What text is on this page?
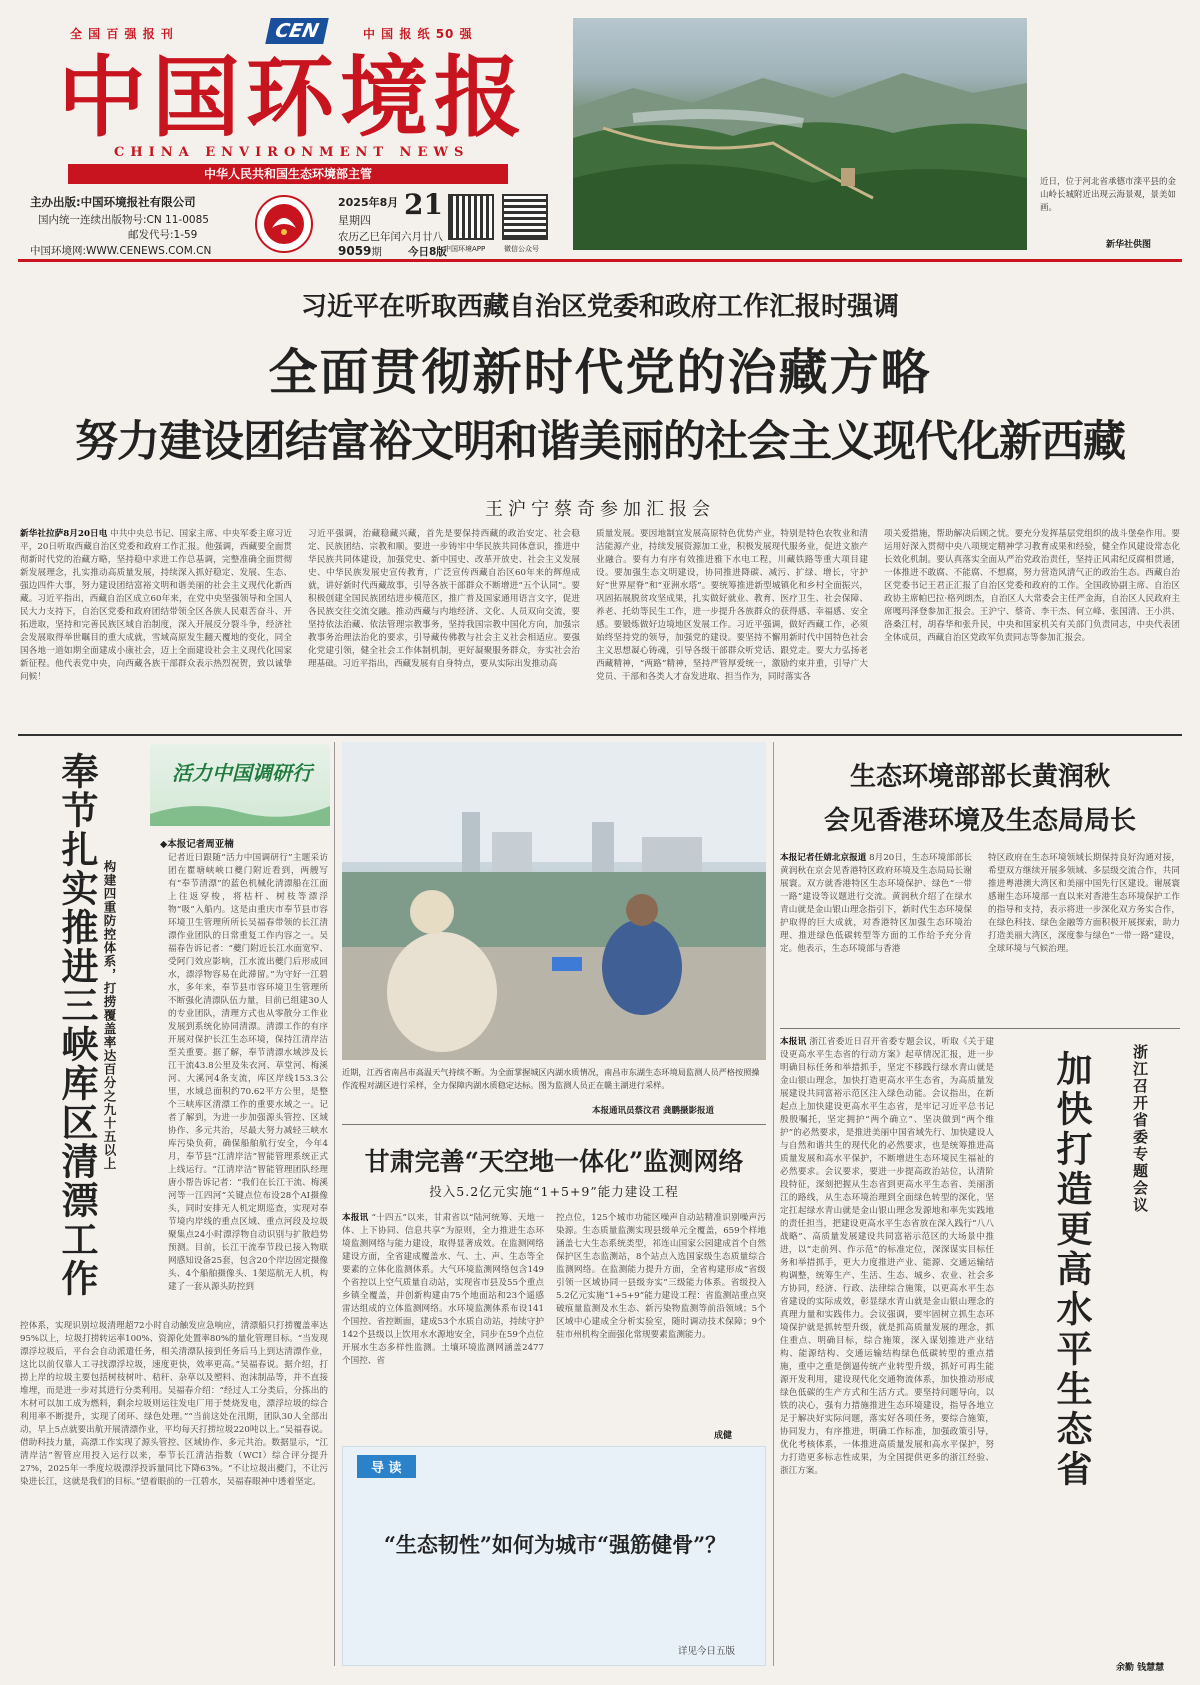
全 国 百 强 报 刊	CEN	中 国 报 纸 50 强
中国环境报
CHINA ENVIRONMENT NEWS
中华人民共和国生态环境部主管
主办出版:中国环境报社有限公司
国内统一连续出版物号:CN 11-0085
邮发代号:1-59
中国环境网:WWW.CENEWS.COM.CN
2025年8月
星期四 21
农历乙巳年闰六月廿八
9059期 今日8版
中国环境APP	微信公众号
近日，位于河北省承德市滦平县的金山岭长城附近出现云海景观，景美如画。
新华社供图
习近平在听取西藏自治区党委和政府工作汇报时强调
全面贯彻新时代党的治藏方略
努力建设团结富裕文明和谐美丽的社会主义现代化新西藏
王沪宁蔡奇参加汇报会
新华社拉萨8月20日电 中共中央总书记、国家主席、中央军委主席习近平，20日听取西藏自治区党委和政府工作汇报。他强调，西藏要全面贯彻新时代党的治藏方略，坚持稳中求进工作总基调，完整准确全面贯彻新发展理念，扎实推动高质量发展，持续深入抓好稳定、发展、生态、强边四件大事，努力建设团结富裕文明和谐美丽的社会主义现代化新西藏。习近平指出，西藏自治区成立60年来，在党中央坚强领导和全国人民大力支持下，自治区党委和政府团结带领全区各族人民艰苦奋斗、开拓进取，坚持和完善民族区域自治制度，深入开展反分裂斗争，经济社会发展取得举世瞩目的重大成就，雪域高原发生翻天覆地的变化，同全国各地一道如期全面建成小康社会，迈上全面建设社会主义现代化国家新征程。他代表党中央，向西藏各族干部群众表示热烈祝贺，致以诚挚问候！
习近平强调，治藏稳藏兴藏，首先是要保持西藏的政治安定、社会稳定、民族团结、宗教和顺。要进一步铸牢中华民族共同体意识，推进中华民族共同体建设，加强党史、新中国史、改革开放史、社会主义发展史、中华民族发展史宣传教育，广泛宣传西藏自治区60年来的辉煌成就，讲好新时代西藏故事，引导各族干部群众不断增进“五个认同”。要积极创建全国民族团结进步模范区，推广普及国家通用语言文字，促进各民族交往交流交融。推动西藏与内地经济、文化、人员双向交流，要坚持依法治藏、依法管理宗教事务，坚持我国宗教中国化方向，加强宗教事务治理法治化的要求，引导藏传佛教与社会主义社会相适应。要强化党建引领，健全社会工作体制机制，更好凝聚服务群众，夯实社会治理基础。习近平指出，西藏发展有自身特点，要从实际出发推动高
质量发展。要因地制宜发展高原特色优势产业，特别是特色农牧业和清洁能源产业，持续发展资源加工业，积极发展现代服务业，促进文旅产业融合。要有力有序有效推进雅下水电工程，川藏铁路等重大项目建设。要加强生态文明建设，协同推进降碳、减污、扩绿、增长，守护好“世界屋脊”和“亚洲水塔”。要统筹推进新型城镇化和乡村全面振兴，巩固拓展脱贫攻坚成果，扎实做好就业、教育、医疗卫生、社会保障、养老、托幼等民生工作，进一步提升各族群众的获得感、幸福感、安全感。要锻炼做好边境地区发展工作。习近平强调，做好西藏工作，必须始终坚持党的领导，加强党的建设。要坚持不懈用新时代中国特色社会主义思想凝心铸魂，引导各级干部群众听党话、跟党走。要大力弘扬老西藏精神，“两路”精神，坚持严管厚爱统一，激励约束并重，引导广大党员、干部和各类人才奋发进取、担当作为，同时落实各
项关爱措施，帮助解决后顾之忧。要充分发挥基层党组织的战斗堡垒作用。要运用好深入贯彻中央八项规定精神学习教育成果和经验，健全作风建设常态化长效化机制。要认真落实全面从严治党政治责任，坚持正风肃纪反腐相贯通，一体推进不敢腐、不能腐、不想腐，努力营造风清气正的政治生态。西藏自治区党委书记王君正汇报了自治区党委和政府的工作。全国政协副主席、自治区政协主席帕巴拉·格列朗杰，自治区人大常委会主任严金海，自治区人民政府主席嘎玛泽登参加汇报会。王沪宁、蔡奇、李干杰、何立峰、张国清、王小洪、洛桑江村，胡春华和张升民，中央和国家机关有关部门负责同志，中央代表团全体成员，西藏自治区党政军负责同志等参加汇报会。
奉节扎实推进三峡库区清漂工作 构建四重防控体系，打捞覆盖率达百分之九十五以上
活力中国调研行
◆本报记者周亚楠
记者近日跟随“活力中国调研行”主题采访团在瞿塘峡峡口夔门附近看到，两艘写有“奉节清漂”的蓝色机械化清漂船在江面上往返穿梭，将枯杆、树枝等漂浮物“吸”入船内。这是由重庆市奉节县市容环境卫生管理所所长吴福春带领的长江清漂作业团队的日常重复工作内容之一。吴福春告诉记者：“夔门附近长江水面宽窄、受阿门效应影响，江水流出夔门后形成回水，漂浮物容易在此滞留。”为守好一江碧水，多年来，奉节县市容环境卫生管理所不断强化清漂队伍力量，目前已组建30人的专业团队，清理方式也从零散分工作业发展到系统化协同清漂。清漂工作的有序开展对保护长江生态环境，保持江清岸洁至关重要。据了解，奉节清漂水域涉及长江干流43.8公里及朱衣河、草堂河、梅溪河、大溪河4条支流，库区岸线153.3公里，水域总面积约70.62平方公里，是整个三峡库区清漂工作的重要水域之一。记者了解到，为进一步加强源头管控、区域协作、多元共治，尽最大努力减轻三峡水库污染负荷，确保船舶航行安全，今年4月，奉节县“江清岸洁”智能管理系统正式上线运行。“江清岸洁”智能管理团队经理唐小帮告诉记者：“我们在长江干流、梅溪河等一江四河”关键点位布设28个AI摄像头，同时安排无人机定期巡查，实现对奉节境内岸线的重点区域、重点河段及垃圾聚集点24小时漂浮物自动识别与扩散趋势预测。目前，长江干流奉节段已接入物联网感知设备25套，包含20个岸边固定摄像头、4个船舶摄像头、1架巡航无人机，构建了一套从源头防控到
控体系，实现识别垃圾清理超72小时自动触发应急响应，清漂船只打捞覆盖率达95%以上，垃圾打捞转运率100%、资源化处置率80%的量化管理目标。“当发现漂浮垃圾后，平台会自动派遣任务，相关清漂队接到任务后马上到达清漂作业，这比以前仅靠人工寻找漂浮垃圾，速度更快，效率更高。”吴福春说。据介绍，打捞上岸的垃圾主要包括树枝树叶、秸秆、杂草以及塑料、泡沫制品等，并不直接堆埋，而是进一步对其进行分类利用。吴福春介绍：“经过人工分类后，分拣出的木材可以加工成为燃料，剩余垃圾则运往发电厂用于焚烧发电，漂浮垃圾的综合利用率不断提升，实现了闭环、绿色处理。”“当前这处在汛期，团队30人全部出动，早上5点就要出航开展清漂作业，平均每天打捞垃圾220吨以上。”吴福春说。借助科技力量，高漂工作实现了源头管控、区域协作、多元共治。数据显示，“江清岸洁”智管应用投入运行以来，奉节长江清洁指数（WCI）综合评分提升27%，2025年一季度垃圾漂浮投诉量同比下降63%。“不让垃圾出夔门，不让污染进长江，这就是我们的目标。”望着眼前的一江碧水，吴福春眼神中透着坚定。
近期，江西省南昌市高温天气持续不断。为全面掌握城区内湖水质情况，南昌市东湖生态环境局监测人员严格按照操作流程对湖区进行采样，全力保障内湖水质稳定达标。图为监测人员正在赣主湖进行采样。
本报通讯员蔡汶君 龚鹏摄影报道
甘肃完善“天空地一体化”监测网络
投入5.2亿元实施“1+5+9”能力建设工程
本报讯 “十四五”以来，甘肃省以“陆河统筹、天地一体、上下协同、信息共享”为原则，全力推进生态环境监测网络与能力建设，取得显著成效。在监测网络建设方面，全省建成覆盖水、气、土、声、生态等全要素的立体化监测体系。大气环境监测网络包含149个省控以上空气质量自动站，实现省市县及55个重点乡镇全覆盖，并创新构建由75个地面站和23个遥感雷达组成的立体监测网络。水环境监测体系布设141个国控、省控断面，建成53个水质自动站，持续守护142个县级以上饮用水水源地安全，同步在59个点位开展水生态多样性监测。土壤环境监测网涵盖2477个国控、省
控点位，125个城市功能区噪声自动站精准识别噪声污染源。生态质量监测实现县级单元全覆盖，659个样地涵盖七大生态系统类型，祁连山国家公园建成首个自然保护区生态监测站，8个站点入选国家级生态质量综合监测网络。在监测能力提升方面，全省构建形成“省级引领一区域协同一县级夯实”三级能力体系。省级投入5.2亿元实施“1+5+9”能力建设工程：省监测站重点突破痕量监测及水生态、新污染物监测等前沿领域；5个区域中心建成全分析实验室，随时调动技术保障；9个驻市州机构全面强化常规要素监测能力。
成健
导 读
“生态韧性”如何为城市“强筋健骨”？
详见今日五版
生态环境部部长黄润秋
会见香港环境及生态局局长
本报记者任婧北京报道 8月20日，生态环境部部长黄润秋在京会见香港特区政府环境及生态局局长谢展寰。双方就香港特区生态环境保护、绿色“一带一路”建设等议题进行交流。黄润秋介绍了在绿水青山就是金山银山理念指引下，新时代生态环境保护取得的巨大成就，对香港特区加强生态环境治理、推进绿色低碳转型等方面的工作给予充分肯定。他表示，生态环境部与香港
特区政府在生态环境领域长期保持良好沟通对接，希望双方继续开展多领域、多层级交流合作，共同推进粤港澳大湾区和美丽中国先行区建设。谢展寰感谢生态环境部一直以来对香港生态环境保护工作的指导和支持，表示将进一步深化双方务实合作，在绿色科技、绿色金融等方面积极开展探索，助力打造美丽大湾区，深度参与绿色“一带一路”建设，全球环境与气候治理。
本报讯 浙江省委近日召开省委专题会议，听取《关于建设更高水平生态省的行动方案》起草情况汇报，进一步明确目标任务和举措抓手，坚定不移践行绿水青山就是金山银山理念，加快打造更高水平生态省，为高质量发展建设共同富裕示范区注入绿色动能。会议指出，在新起点上加快建设更高水平生态省，是牢记习近平总书记殷殷嘱托，坚定拥护“两个确立”、坚决做到“两个维护”的必然要求，是推进美丽中国省域先行、加快建设人与自然和谐共生的现代化的必然要求，也是统筹推进高质量发展和高水平保护，不断增进生态环境民生福祉的必然要求。会议要求，要进一步提高政治站位，认清阶段特征，深刻把握从生态省到更高水平生态省、美丽浙江的路线，从生态环境治理到全面绿色转型的深化，坚定扛起绿水青山就是金山银山理念发源地和率先实践地的责任担当，把建设更高水平生态省放在深入践行“八八战略”、高质量发展建设共同富裕示范区的大场景中推进，以“走前列、作示范”的标准定位，深深谋实目标任务和举措抓手，更大力度推进产业、能源、交通运输结构调整，统筹生产、生活、生态、城乡、农业、社会多方协同，经济、行政、法律综合施策，以更高水平生态省建设的实际成效，彰显绿水青山就是金山银山理念的真理力量和实践伟力。会议强调，要牢固树立抓生态环境保护就是抓转型升级，就是抓高质量发展的理念，抓住重点、明确目标，综合施策，深入谋划推进产业结构、能源结构、交通运输结构绿色低碳转型的重点措施，重中之重是倒逼传统产业转型升级，抓好可再生能源开发利用，建设现代化交通物流体系，加快推动形成绿色低碳的生产方式和生活方式。要坚持问题导向，以铁的决心，强有力措施推进生态环境建设，指导各地立足于解决好实际问题，落实好各项任务，要综合施策，协同发力，有序推进，明确工作标准，加强政策引导，优化考核体系，一体推进高质量发展和高水平保护，努力打造更多标志性成果，为全国提供更多的浙江经验、浙江方案。
浙江召开省委专题会议
加快打造更高水平生态省
余勤 钱慧慧
